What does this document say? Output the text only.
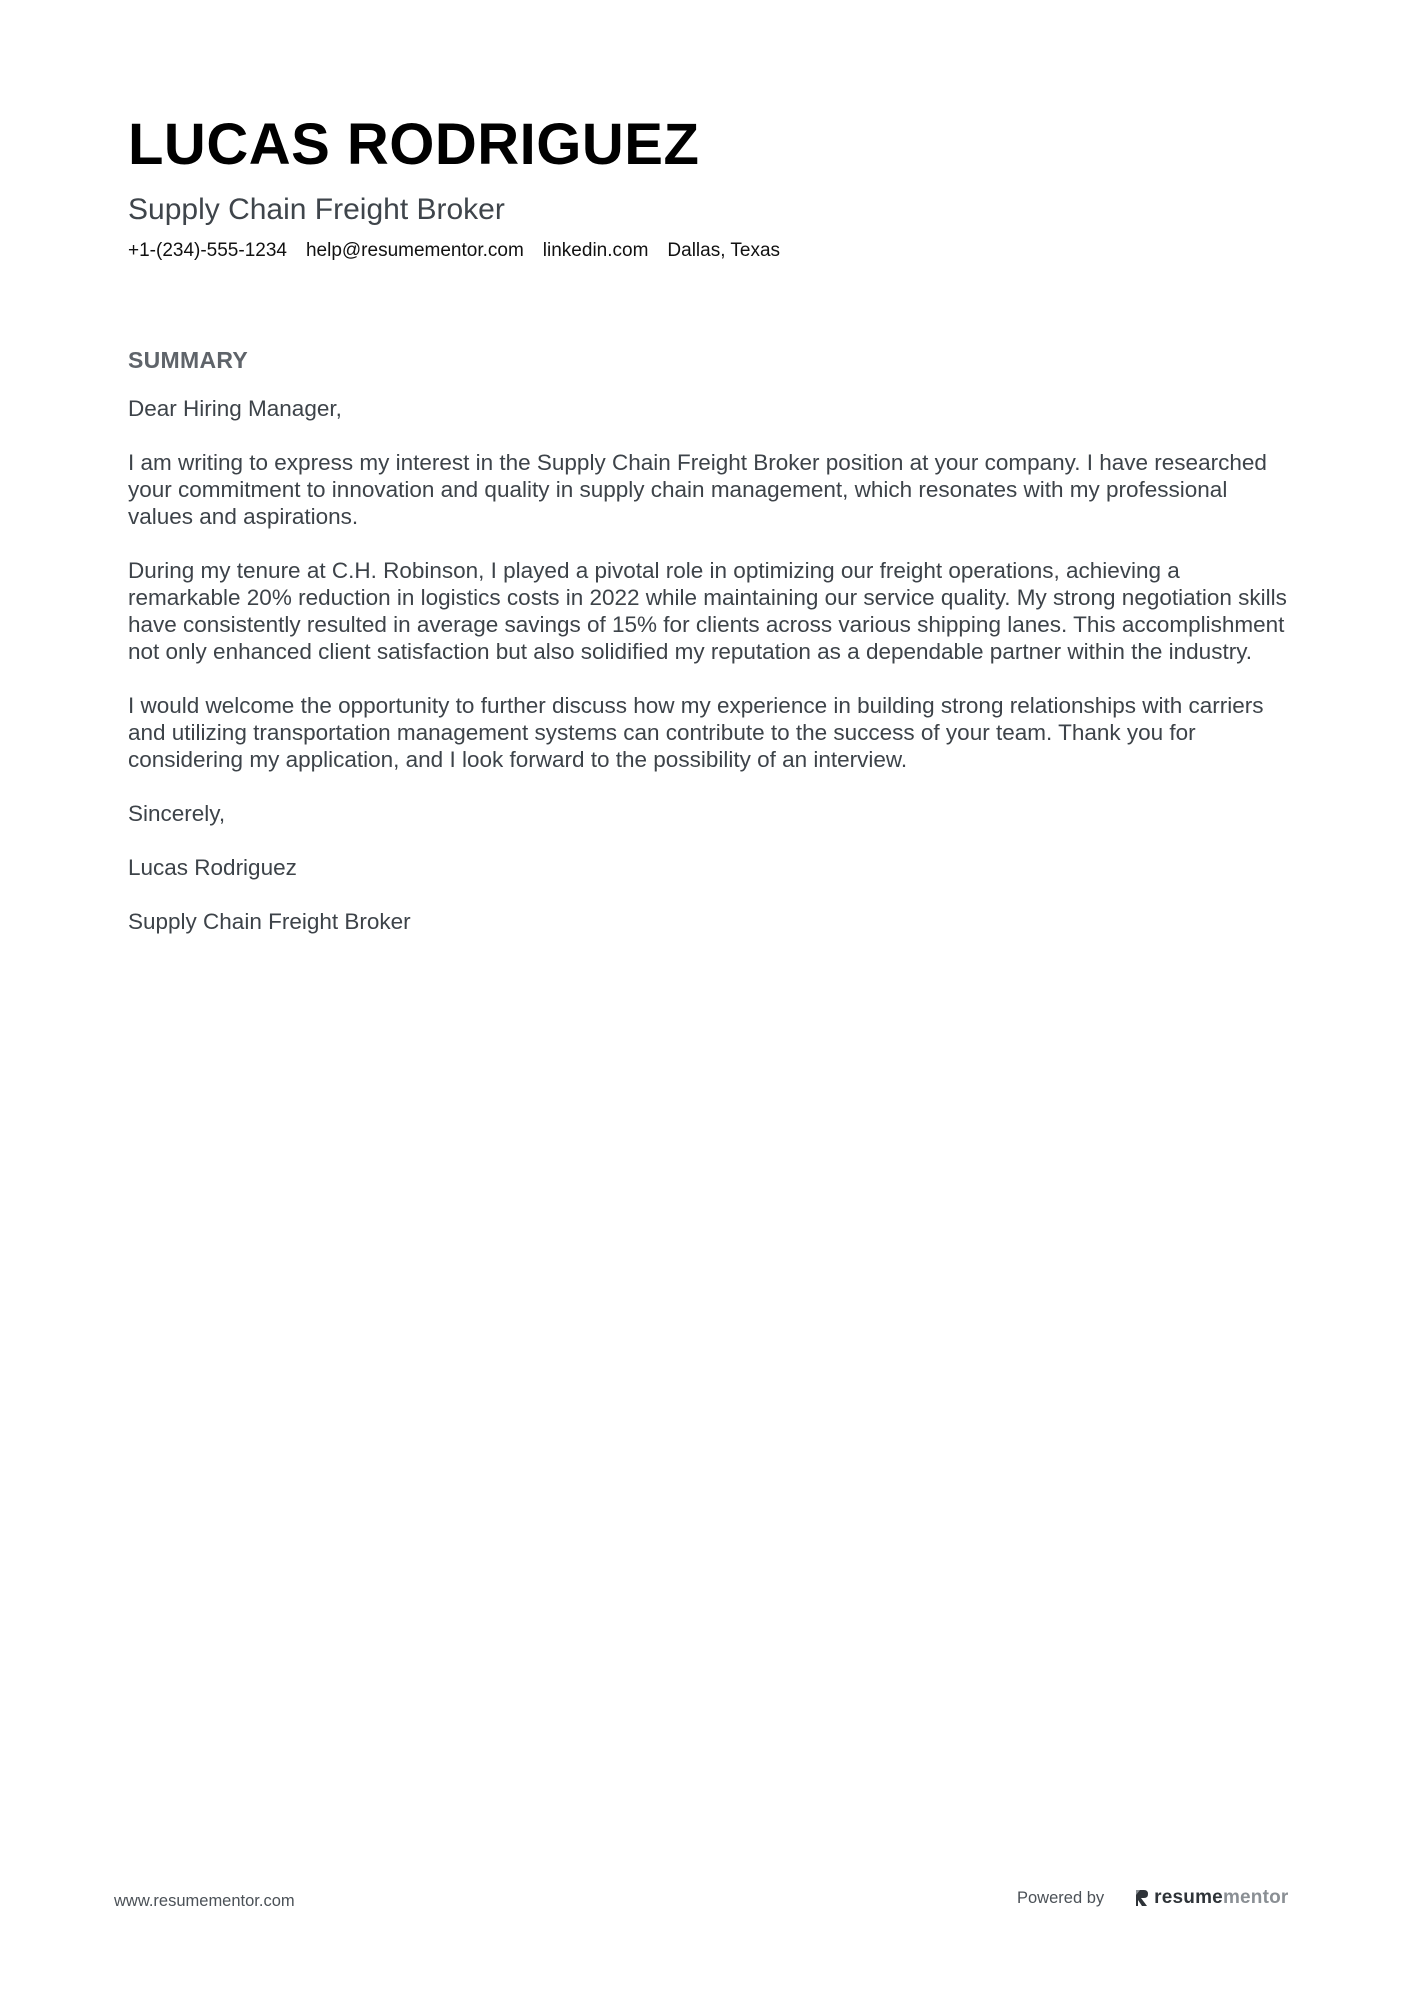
LUCAS RODRIGUEZ
Supply Chain Freight Broker
+1-(234)-555-1234 help@resumementor.com linkedin.com Dallas, Texas
SUMMARY

Dear Hiring Manager,

I am writing to express my interest in the Supply Chain Freight Broker position at your company. I have researched your commitment to innovation and quality in supply chain management, which resonates with my professional values and aspirations.

During my tenure at C.H. Robinson, I played a pivotal role in optimizing our freight operations, achieving a remarkable 20% reduction in logistics costs in 2022 while maintaining our service quality. My strong negotiation skills have consistently resulted in average savings of 15% for clients across various shipping lanes. This accomplishment not only enhanced client satisfaction but also solidified my reputation as a dependable partner within the industry.

I would welcome the opportunity to further discuss how my experience in building strong relationships with carriers and utilizing transportation management systems can contribute to the success of your team. Thank you for considering my application, and I look forward to the possibility of an interview.

Sincerely,

Lucas Rodriguez

Supply Chain Freight Broker

www.resumementor.com	Powered by	resume mentor
